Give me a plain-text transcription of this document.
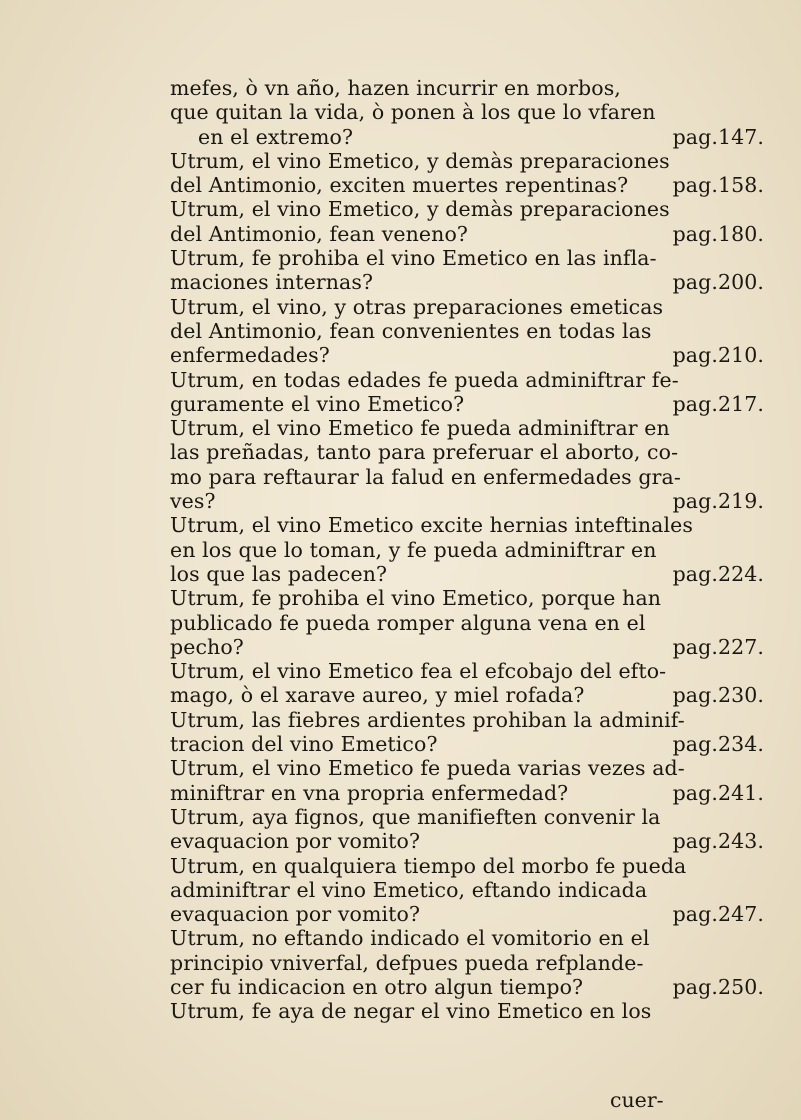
mefes, ò vn año, hazen incurrir en morbos,
que quitan la vida, ò ponen à los que lo vfaren
en el extremo?	pag.147.
Utrum, el vino Emetico, y demàs preparaciones
del Antimonio, exciten muertes repentinas?	pag.158.
Utrum, el vino Emetico, y demàs preparaciones
del Antimonio, fean veneno?	pag.180.
Utrum, fe prohiba el vino Emetico en las infla-
maciones internas?	pag.200.
Utrum, el vino, y otras preparaciones emeticas
del Antimonio, fean convenientes en todas las
enfermedades?	pag.210.
Utrum, en todas edades fe pueda adminiftrar fe-
guramente el vino Emetico?	pag.217.
Utrum, el vino Emetico fe pueda adminiftrar en
las preñadas, tanto para preferuar el aborto, co-
mo para reftaurar la falud en enfermedades gra-
ves?	pag.219.
Utrum, el vino Emetico excite hernias inteftinales
en los que lo toman, y fe pueda adminiftrar en
los que las padecen?	pag.224.
Utrum, fe prohiba el vino Emetico, porque han
publicado fe pueda romper alguna vena en el
pecho?	pag.227.
Utrum, el vino Emetico fea el efcobajo del efto-
mago, ò el xarave aureo, y miel rofada?	pag.230.
Utrum, las fiebres ardientes prohiban la adminif-
tracion del vino Emetico?	pag.234.
Utrum, el vino Emetico fe pueda varias vezes ad-
miniftrar en vna propria enfermedad?	pag.241.
Utrum, aya fignos, que manifieften convenir la
evaquacion por vomito?	pag.243.
Utrum, en qualquiera tiempo del morbo fe pueda
adminiftrar el vino Emetico, eftando indicada
evaquacion por vomito?	pag.247.
Utrum, no eftando indicado el vomitorio en el
principio vniverfal, defpues pueda refplande-
cer fu indicacion en otro algun tiempo?	pag.250.
Utrum, fe aya de negar el vino Emetico en los
cuer-
